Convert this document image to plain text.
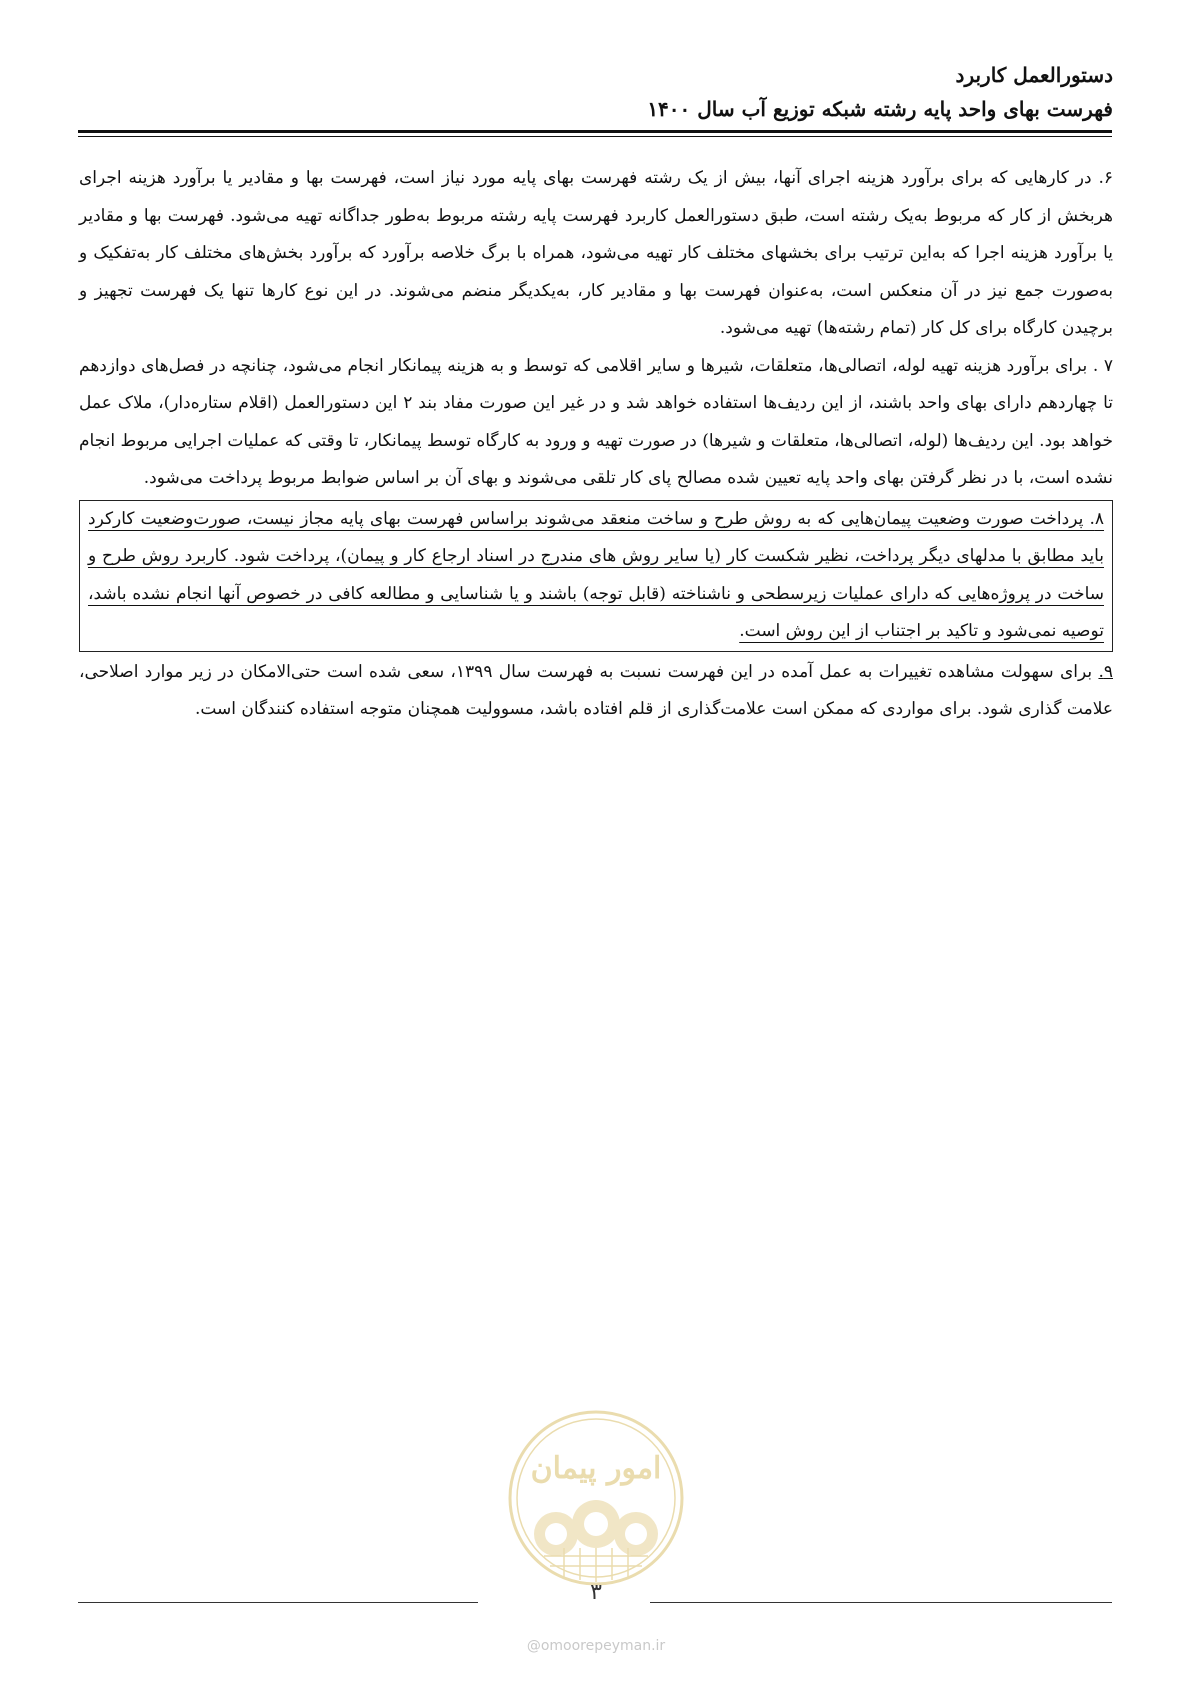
دستورالعمل کاربرد
فهرست بهای واحد پایه رشته شبکه توزیع آب سال ۱۴۰۰

۶. در کارهایی که برای برآورد هزینه اجرای آنها، بیش از یک رشته فهرست بهای پایه مورد نیاز است، فهرست بها و مقادیر یا برآورد هزینه اجرای هربخش از کار که مربوط به‌یک رشته است، طبق دستورالعمل کاربرد فهرست پایه رشته مربوط به‌طور جداگانه تهیه می‌شود. فهرست بها و مقادیر یا برآورد هزینه اجرا که به‌این ترتیب برای بخشهای مختلف کار تهیه می‌شود، همراه با برگ خلاصه برآورد که برآورد بخش‌های مختلف کار به‌تفکیک و به‌صورت جمع نیز در آن منعکس است، به‌عنوان فهرست بها و مقادیر کار، به‌یکدیگر منضم می‌شوند. در این نوع کارها تنها یک فهرست تجهیز و برچیدن کارگاه برای کل کار (تمام رشته‌ها) تهیه می‌شود.

۷ . برای برآورد هزینه تهیه لوله، اتصالی‌ها، متعلقات، شیرها و سایر اقلامی که توسط و به هزینه پیمانکار انجام می‌شود، چنانچه در فصل‌های دوازدهم تا چهاردهم دارای بهای واحد باشند، از این ردیف‌ها استفاده خواهد شد و در غیر این صورت مفاد بند ۲ این دستورالعمل (اقلام ستاره‌دار)، ملاک عمل خواهد بود. این ردیف‌ها (لوله، اتصالی‌ها، متعلقات و شیرها) در صورت تهیه و ورود به کارگاه توسط پیمانکار، تا وقتی که عملیات اجرایی مربوط انجام نشده است، با در نظر گرفتن بهای واحد پایه تعیین شده مصالح پای کار تلقی می‌شوند و بهای آن بر اساس ضوابط مربوط پرداخت می‌شود.

۸. پرداخت صورت وضعیت پیمان‌هایی که به روش طرح و ساخت منعقد می‌شوند براساس فهرست بهای پایه مجاز نیست، صورت‌وضعیت کارکرد باید مطابق با مدلهای دیگر پرداخت، نظیر شکست کار (یا سایر روش های مندرج در اسناد ارجاع کار و پیمان)، پرداخت شود. کاربرد روش طرح و ساخت در پروژه‌هایی که دارای عملیات زیرسطحی و ناشناخته (قابل توجه) باشند و یا شناسایی و مطالعه کافی در خصوص آنها انجام نشده باشد، توصیه نمی‌شود و تاکید بر اجتناب از این روش است.

۹. برای سهولت مشاهده تغییرات به عمل آمده در این فهرست نسبت به فهرست سال ۱۳۹۹، سعی شده است حتی‌الامکان در زیر موارد اصلاحی، علامت گذاری شود. برای مواردی که ممکن است علامت‌گذاری از قلم افتاده باشد، مسوولیت همچنان متوجه استفاده کنندگان است.

امور پیمان
۳
@omoorepeyman.ir
